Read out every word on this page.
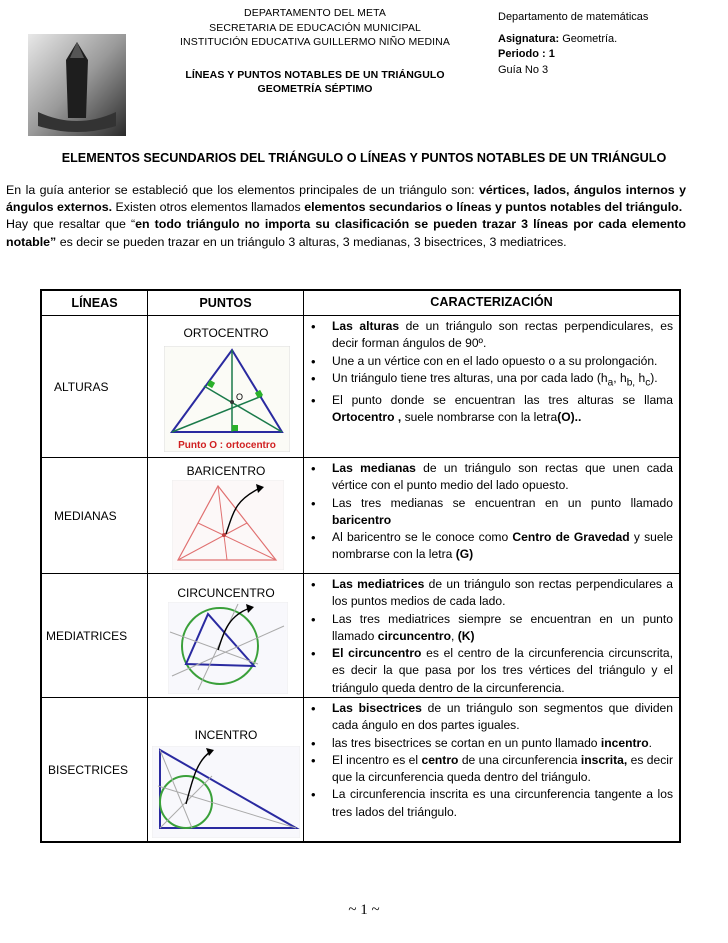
DEPARTAMENTO DEL META
SECRETARIA DE EDUCACIÓN MUNICIPAL
INSTITUCIÓN EDUCATIVA GUILLERMO NIÑO MEDINA
LÍNEAS Y PUNTOS NOTABLES DE UN TRIÁNGULO
GEOMETRÍA SÉPTIMO
Departamento de matemáticas
Asignatura: Geometría.
Periodo : 1
Guía No 3
ELEMENTOS SECUNDARIOS DEL TRIÁNGULO O LÍNEAS Y PUNTOS NOTABLES DE UN TRIÁNGULO

En la guía anterior se estableció que los elementos principales de un triángulo son: vértices, lados, ángulos internos y ángulos externos. Existen otros elementos llamados elementos secundarios o líneas y puntos notables del triángulo.

Hay que resaltar que “en todo triángulo no importa su clasificación se pueden trazar 3 líneas por cada elemento notable” es decir se pueden trazar en un triángulo 3 alturas, 3 medianas, 3 bisectrices, 3 mediatrices.

LÍNEAS	PUNTOS	CARACTERIZACIÓN
ALTURAS
ORTOCENTRO
O
Punto O : ortocentro
• Las alturas de un triángulo son rectas perpendiculares, es decir forman ángulos de 90º.
• Une a un vértice con en el lado opuesto o a su prolongación.
• Un triángulo tiene tres alturas, una por cada lado ($h_a$, $h_{b,}$ $h_c$).
• El punto donde se encuentran las tres alturas se llama Ortocentro , suele nombrarse con la letra(O)..
MEDIANAS
BARICENTRO
•	Las medianas de un triángulo son rectas que unen cada vértice con el punto medio del lado opuesto.
• Las tres medianas se encuentran en un punto llamado baricentro
• Al baricentro se le conoce como Centro de Gravedad y suele nombrarse con la letra (G)
MEDIATRICES
CIRCUNCENTRO
• Las mediatrices de un triángulo son rectas perpendiculares a los puntos medios de cada lado.
• Las tres mediatrices siempre se encuentran en un punto llamado circuncentro, (K)
• El circuncentro es el centro de la circunferencia circunscrita, es decir la que pasa por los tres vértices del triángulo y el triángulo queda dentro de la circunferencia.
BISECTRICES
INCENTRO
• Las bisectrices de un triángulo son segmentos que dividen cada ángulo en dos partes iguales.
• las tres bisectrices se cortan en un punto llamado incentro.
• El incentro es el centro de una circunferencia inscrita, es decir que la circunferencia queda dentro del triángulo.
• La circunferencia inscrita es una circunferencia tangente a los tres lados del triángulo.
~ 1 ~
